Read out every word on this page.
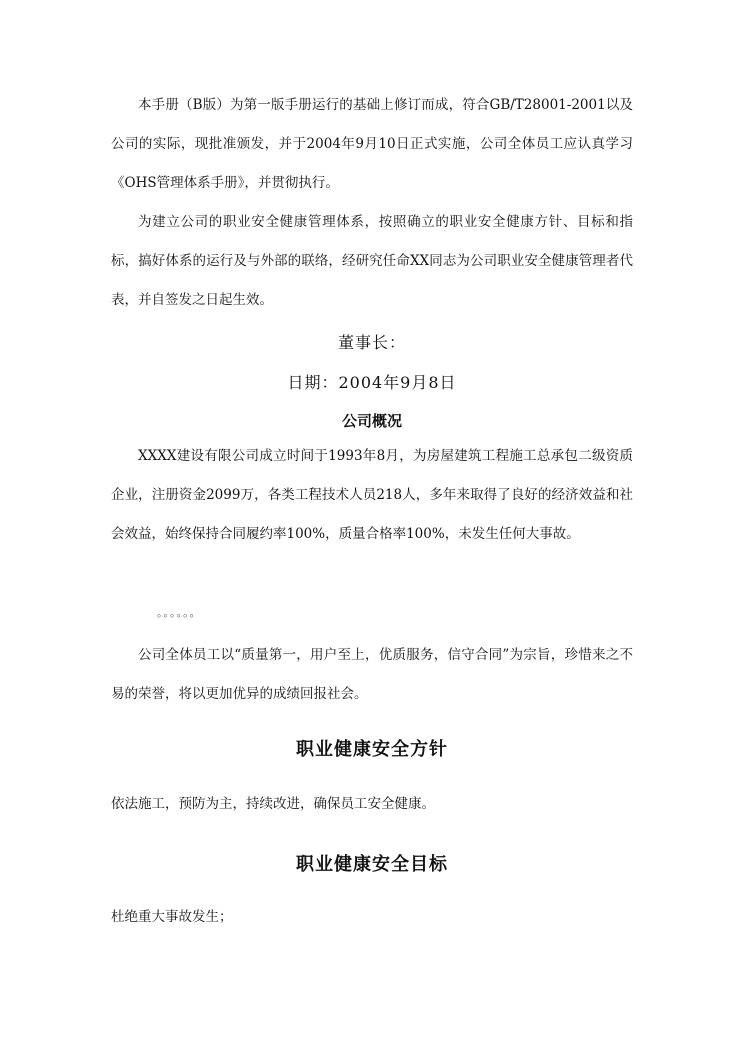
本手册（B版）为第一版手册运行的基础上修订而成，符合GB/T28001-2001以及公司的实际，现批准颁发，并于2004年9月10日正式实施，公司全体员工应认真学习《OHS管理体系手册》，并贯彻执行。

为建立公司的职业安全健康管理体系，按照确立的职业安全健康方针、目标和指标，搞好体系的运行及与外部的联络，经研究任命XX同志为公司职业安全健康管理者代表，并自签发之日起生效。

董事长：

日期：2004年9月8日

公司概况

XXXX建设有限公司成立时间于1993年8月，为房屋建筑工程施工总承包二级资质企业，注册资金2099万，各类工程技术人员218人，多年来取得了良好的经济效益和社会效益，始终保持合同履约率100%，质量合格率100%，未发生任何大事故。

。。。。。。

公司全体员工以“质量第一，用户至上，优质服务，信守合同”为宗旨，珍惜来之不易的荣誉，将以更加优异的成绩回报社会。

职业健康安全方针

依法施工，预防为主，持续改进，确保员工安全健康。

职业健康安全目标

杜绝重大事故发生；
